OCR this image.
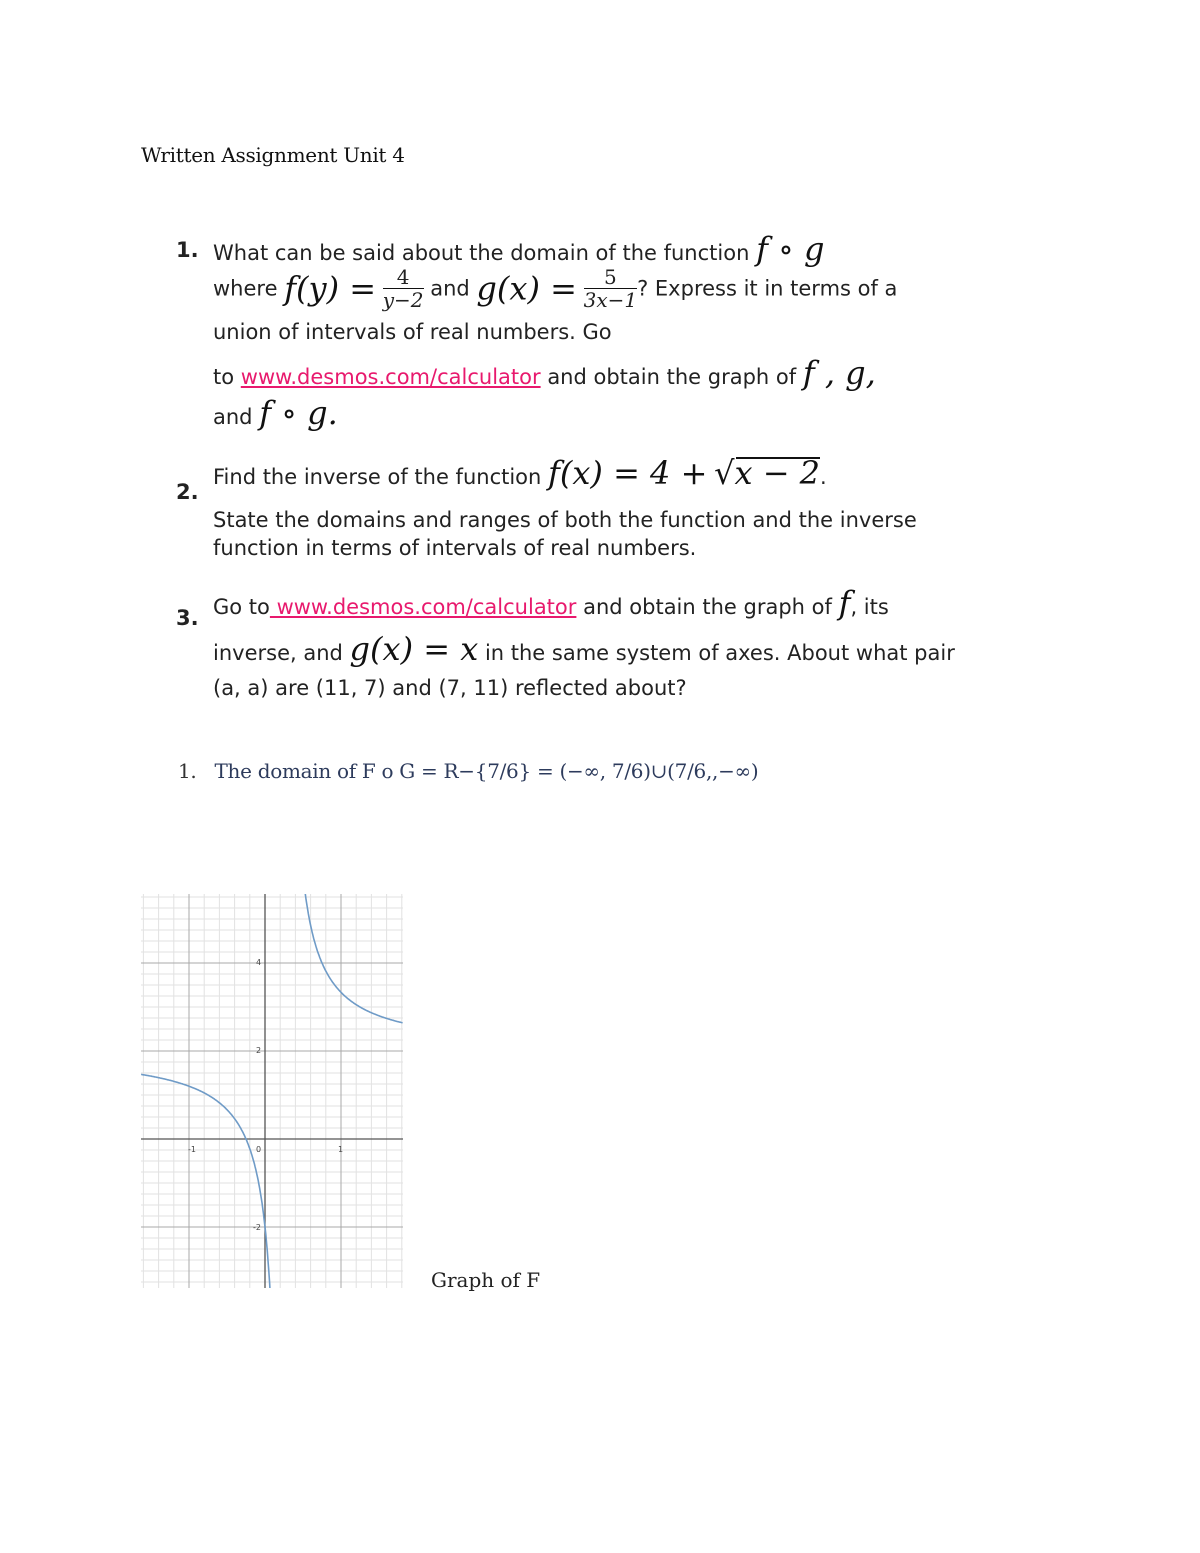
Written Assignment Unit 4
1. What can be said about the domain of the function f ∘ g
where $f(y) = \frac{4}{y-2}$ and $g(x) = \frac{5}{3x-1}$ ? Express it in terms of a
union of intervals of real numbers. Go
to www.desmos.com/calculator and obtain the graph of f , g,
and f ∘ g.
2.
Find the inverse of the function f(x) = 4 + √x − 2
.
State the domains and ranges of both the function and the inverse
function in terms of intervals of real numbers.
3. Go to www.desmos.com/calculator and obtain the graph of f, its
inverse, and g(x) = x in the same system of axes. About what pair
(a, a) are (11, 7) and (7, 11) reflected about?
1. The domain of F o G = R−{7/6} = (−∞, 7/6)∪(7/6,,−∞)
-1	0	1
4
2
-2
Graph of F
